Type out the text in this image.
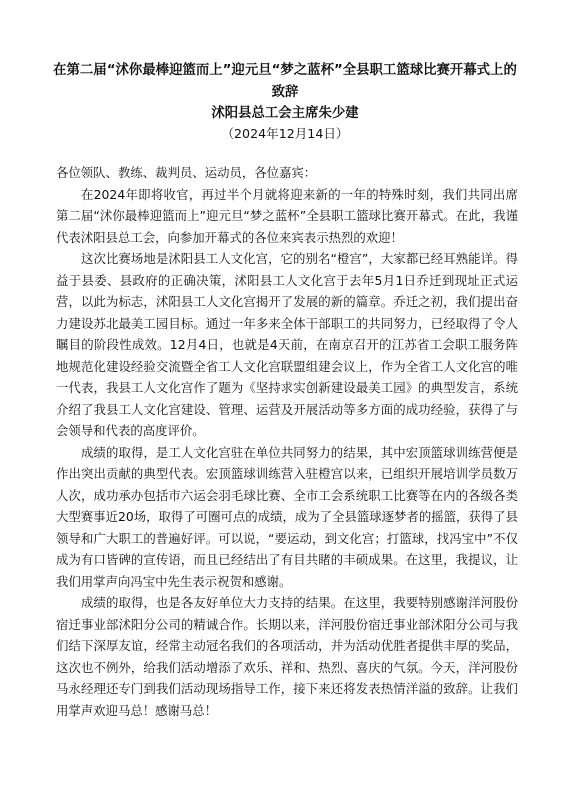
在第二届“沭你最棒迎篮而上”迎元旦“梦之蓝杯”全县职工篮球比赛开幕式上的致辞
沭阳县总工会主席朱少建
（2024年12月14日）

各位领队、教练、裁判员、运动员，各位嘉宾：

在2024年即将收官，再过半个月就将迎来新的一年的特殊时刻，我们共同出席第二届“沭你最棒迎篮而上”迎元旦“梦之蓝杯”全县职工篮球比赛开幕式。在此，我谨代表沭阳县总工会，向参加开幕式的各位来宾表示热烈的欢迎！

这次比赛场地是沭阳县工人文化宫，它的别名“橙宫”，大家都已经耳熟能详。得益于县委、县政府的正确决策，沭阳县工人文化宫于去年5月1日乔迁到现址正式运营，以此为标志，沭阳县工人文化宫揭开了发展的新的篇章。乔迁之初，我们提出奋力建设苏北最美工园目标。通过一年多来全体干部职工的共同努力，已经取得了令人瞩目的阶段性成效。12月4日，也就是4天前，在南京召开的江苏省工会职工服务阵地规范化建设经验交流暨全省工人文化宫联盟组建会议上，作为全省工人文化宫的唯一代表，我县工人文化宫作了题为《坚持求实创新建设最美工园》的典型发言，系统介绍了我县工人文化宫建设、管理、运营及开展活动等多方面的成功经验，获得了与会领导和代表的高度评价。

成绩的取得，是工人文化宫驻在单位共同努力的结果，其中宏顶篮球训练营便是作出突出贡献的典型代表。宏顶篮球训练营入驻橙宫以来，已组织开展培训学员数万人次，成功承办包括市六运会羽毛球比赛、全市工会系统职工比赛等在内的各级各类大型赛事近20场，取得了可圈可点的成绩，成为了全县篮球逐梦者的摇篮，获得了县领导和广大职工的普遍好评。可以说，“要运动，到文化宫；打篮球，找冯宝中”不仅成为有口皆碑的宣传语，而且已经结出了有目共睹的丰硕成果。在这里，我提议，让我们用掌声向冯宝中先生表示祝贺和感谢。

成绩的取得，也是各友好单位大力支持的结果。在这里，我要特别感谢洋河股份宿迁事业部沭阳分公司的精诚合作。长期以来，洋河股份宿迁事业部沭阳分公司与我们结下深厚友谊，经常主动冠名我们的各项活动，并为活动优胜者提供丰厚的奖品，这次也不例外，给我们活动增添了欢乐、祥和、热烈、喜庆的气氛。今天，洋河股份马永经理还专门到我们活动现场指导工作，接下来还将发表热情洋溢的致辞。让我们用掌声欢迎马总！感谢马总！
